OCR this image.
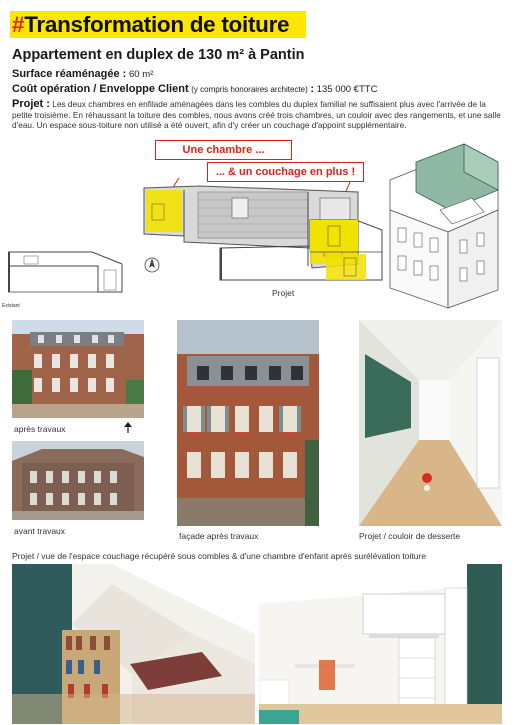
#Transformation de toiture
Appartement en duplex de 130 m² à Pantin
Surface réaménagée : 60 m²
Coût opération / Enveloppe Client (y compris honoraires architecte) : 135 000 €TTC
Projet : Les deux chambres en enfilade aménagées dans les combles du duplex familial ne suffisaient plus avec l'arrivée de la petite troisième. En réhaussant la toiture des combles, nous avons créé trois chambres, un couloir avec des rangements, et une salle d'eau. Un espace sous-toiture non utilisé a été ouvert, afin d'y créer un couchage d'appoint supplémentaire.
Une chambre ...
... & un couchage en plus !
Existant
Projet
après travaux
avant travaux	façade après travaux	Projet / couloir de desserte
Projet / vue de l'espace couchage récupéré sous combles & d'une chambre d'enfant après surélévation toiture
